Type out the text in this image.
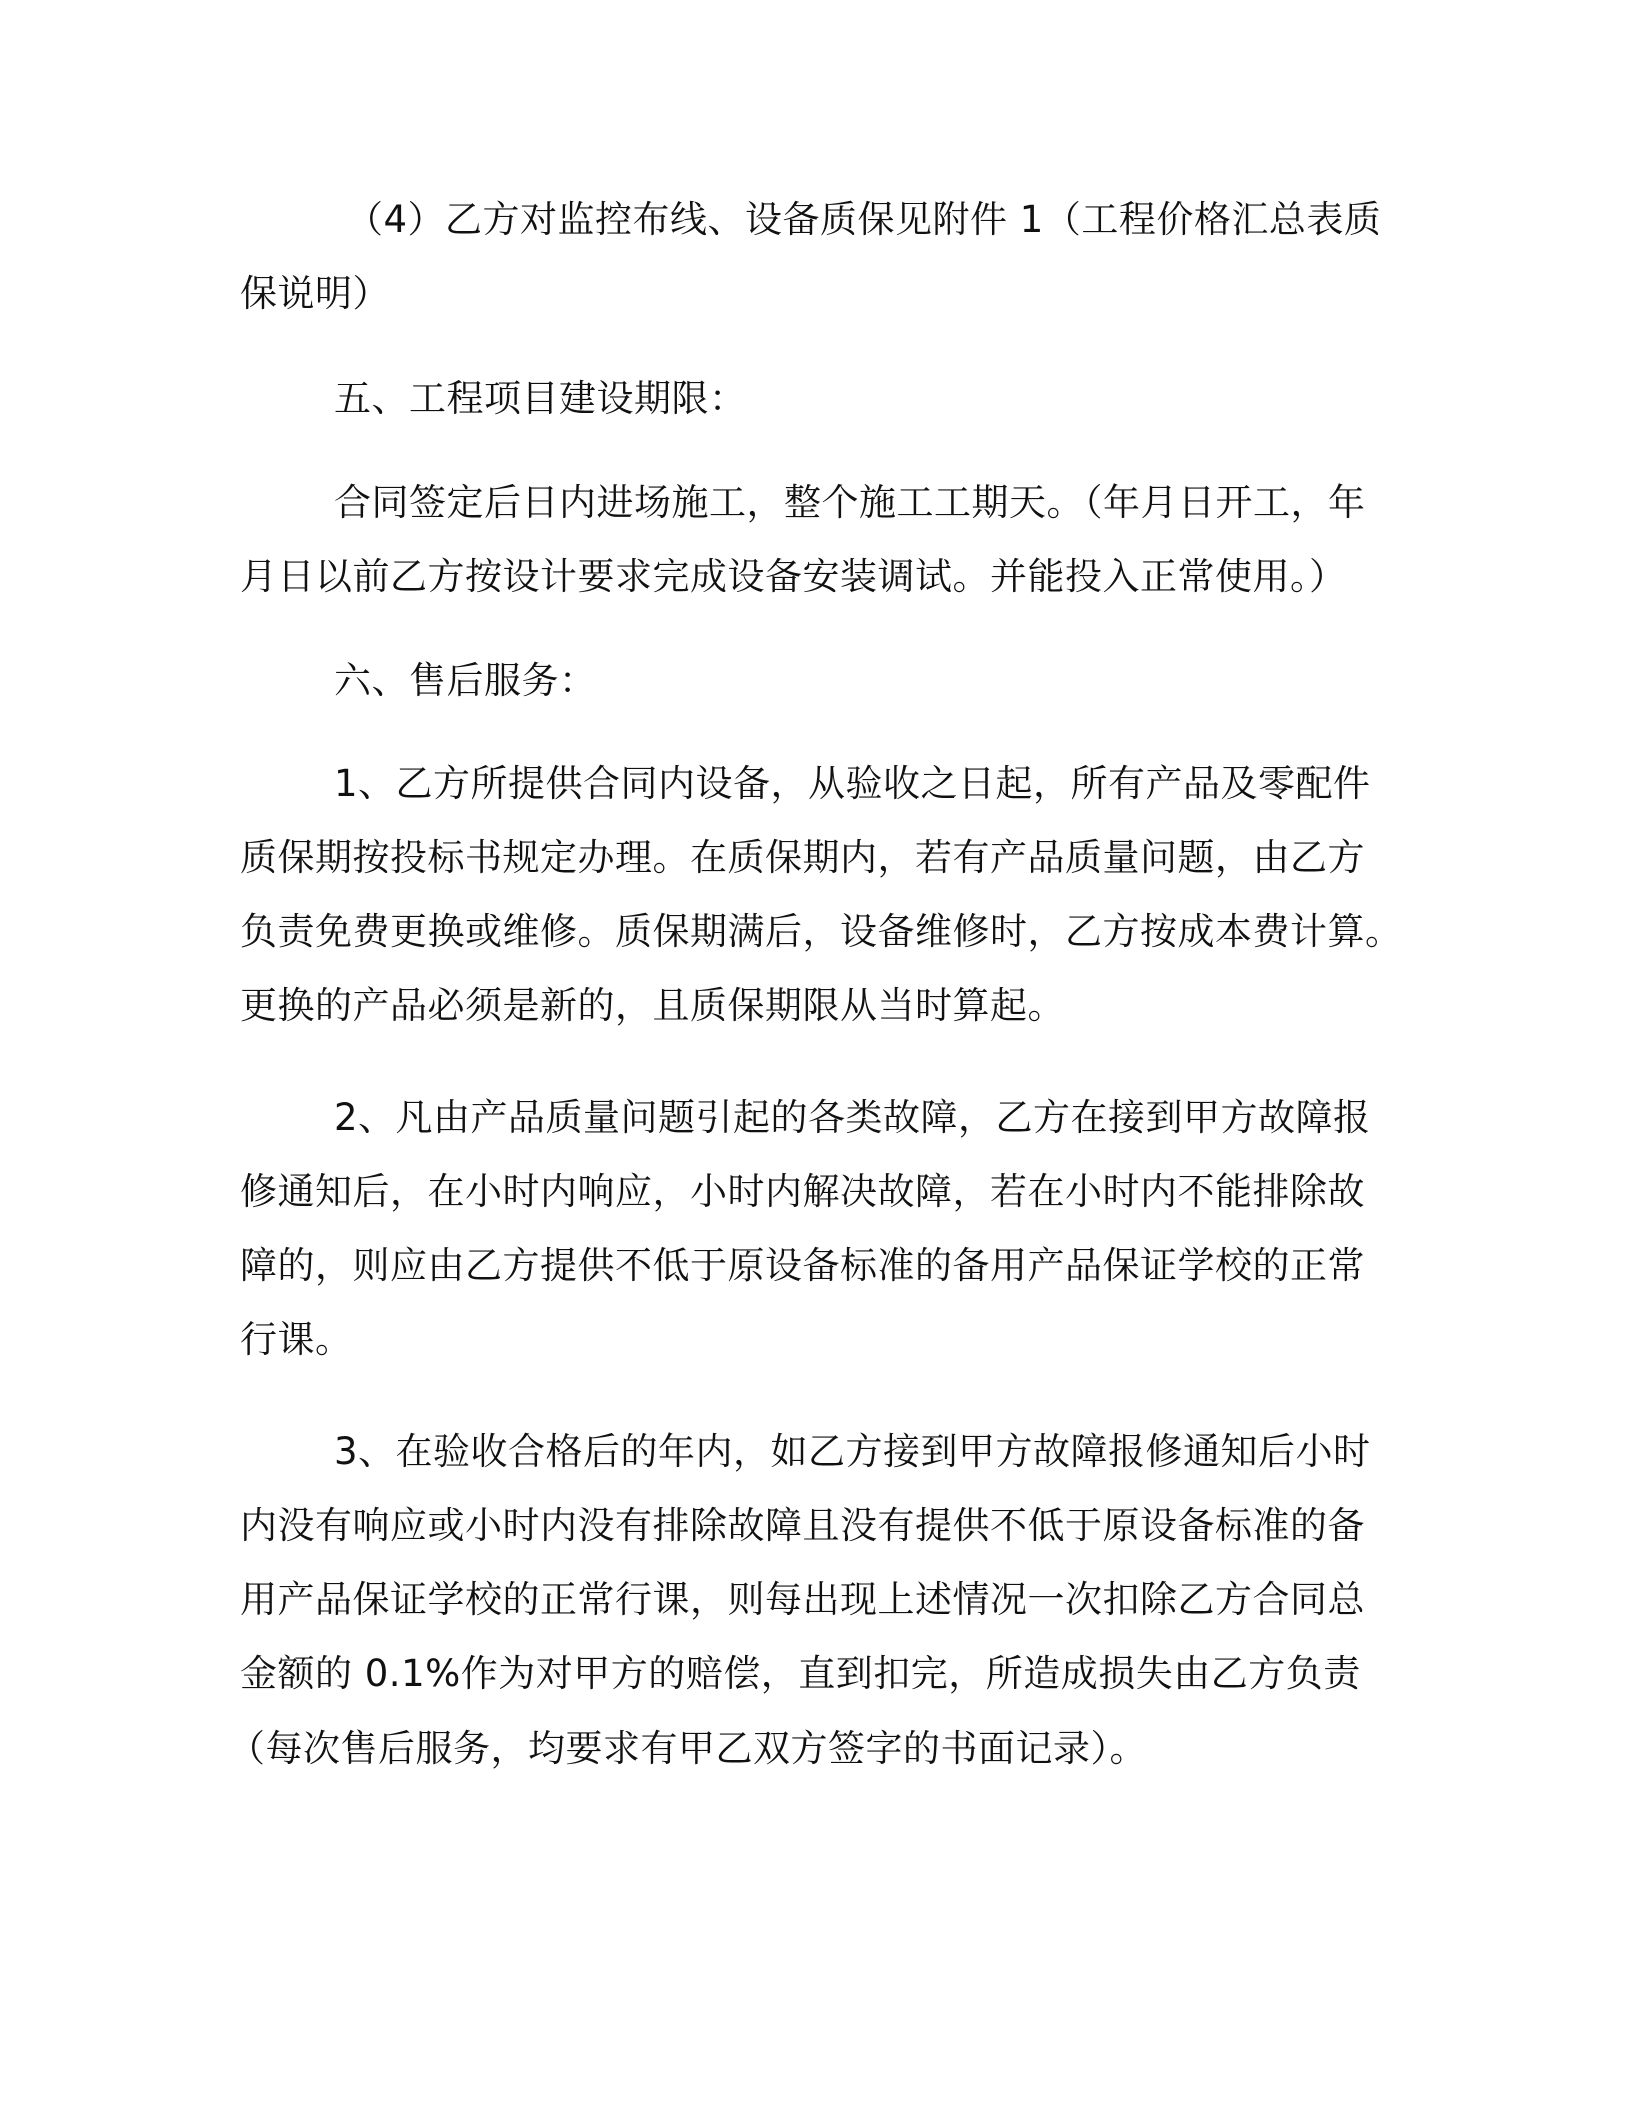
（4）乙方对监控布线、设备质保见附件 1（工程价格汇总表质
保说明）
五、工程项目建设期限：
合同签定后日内进场施工，整个施工工期天。（年月日开工，年
月日以前乙方按设计要求完成设备安装调试。并能投入正常使用。）
六、售后服务：
1、乙方所提供合同内设备，从验收之日起，所有产品及零配件
质保期按投标书规定办理。在质保期内，若有产品质量问题，由乙方
负责免费更换或维修。质保期满后，设备维修时，乙方按成本费计算。
更换的产品必须是新的，且质保期限从当时算起。
2、凡由产品质量问题引起的各类故障，乙方在接到甲方故障报
修通知后，在小时内响应，小时内解决故障，若在小时内不能排除故
障的，则应由乙方提供不低于原设备标准的备用产品保证学校的正常
行课。
3、在验收合格后的年内，如乙方接到甲方故障报修通知后小时
内没有响应或小时内没有排除故障且没有提供不低于原设备标准的备
用产品保证学校的正常行课，则每出现上述情况一次扣除乙方合同总
金额的 0.1%作为对甲方的赔偿，直到扣完，所造成损失由乙方负责
（每次售后服务，均要求有甲乙双方签字的书面记录）。
